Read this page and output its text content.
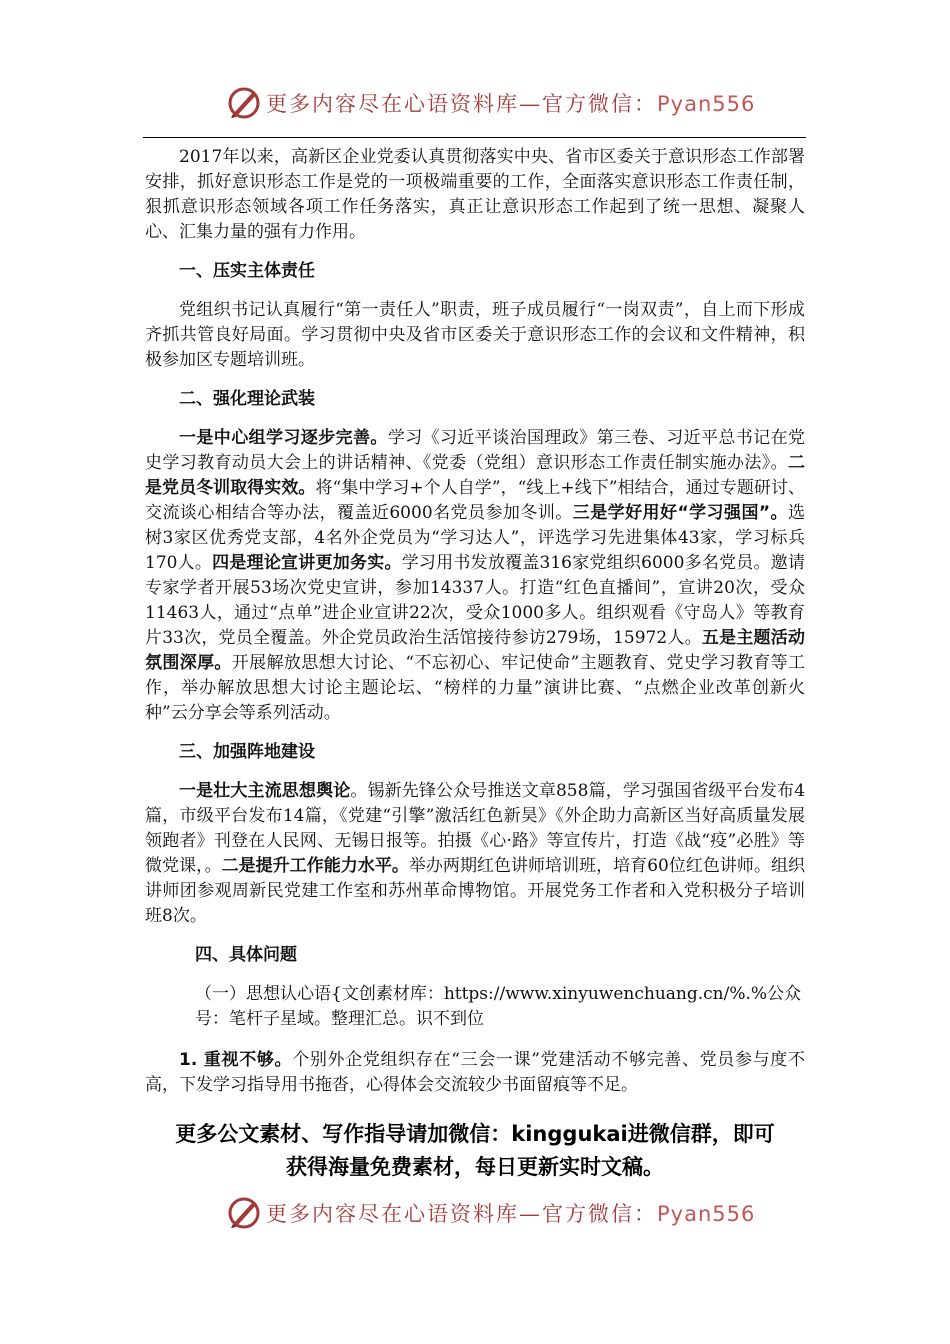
更多内容尽在心语资料库—官方微信：Pyan556

2017年以来，高新区企业党委认真贯彻落实中央、省市区委关于意识形态工作部署安排，抓好意识形态工作是党的一项极端重要的工作，全面落实意识形态工作责任制，狠抓意识形态领域各项工作任务落实，真正让意识形态工作起到了统一思想、凝聚人心、汇集力量的强有力作用。

一、压实主体责任

党组织书记认真履行“第一责任人”职责，班子成员履行“一岗双责”，自上而下形成齐抓共管良好局面。学习贯彻中央及省市区委关于意识形态工作的会议和文件精神，积极参加区专题培训班。

二、强化理论武装

一是中心组学习逐步完善。学习《习近平谈治国理政》第三卷、习近平总书记在党史学习教育动员大会上的讲话精神、《党委（党组）意识形态工作责任制实施办法》。二是党员冬训取得实效。将“集中学习+个人自学”，“线上+线下”相结合，通过专题研讨、交流谈心相结合等办法，覆盖近6000名党员参加冬训。三是学好用好“学习强国”。选树3家区优秀党支部，4名外企党员为“学习达人”，评选学习先进集体43家，学习标兵170人。四是理论宣讲更加务实。学习用书发放覆盖316家党组织6000多名党员。邀请专家学者开展53场次党史宣讲，参加14337人。打造“红色直播间”，宣讲20次，受众11463人，通过“点单”进企业宣讲22次，受众1000多人。组织观看《守岛人》等教育片33次，党员全覆盖。外企党员政治生活馆接待参访279场，15972人。五是主题活动氛围深厚。开展解放思想大讨论、“不忘初心、牢记使命”主题教育、党史学习教育等工作，举办解放思想大讨论主题论坛、“榜样的力量”演讲比赛、“点燃企业改革创新火种”云分享会等系列活动。

三、加强阵地建设

一是壮大主流思想舆论。锡新先锋公众号推送文章858篇，学习强国省级平台发布4篇，市级平台发布14篇，《党建“引擎”激活红色新昊》《外企助力高新区当好高质量发展领跑者》刊登在人民网、无锡日报等。拍摄《心·路》等宣传片，打造《战“疫”必胜》等微党课，。二是提升工作能力水平。举办两期红色讲师培训班，培育60位红色讲师。组织讲师团参观周新民党建工作室和苏州革命博物馆。开展党务工作者和入党积极分子培训班8次。

四、具体问题

（一）思想认心语{文创素材库：https://www.xinyuwenchuang.cn/%.%公众号：笔杆子星域。整理汇总。识不到位

1. 重视不够。个别外企党组织存在“三会一课”党建活动不够完善、党员参与度不高，下发学习指导用书拖沓，心得体会交流较少书面留痕等不足。

更多公文素材、写作指导请加微信：kinggukai进微信群，即可
获得海量免费素材，每日更新实时文稿。
更多内容尽在心语资料库—官方微信：Pyan556
